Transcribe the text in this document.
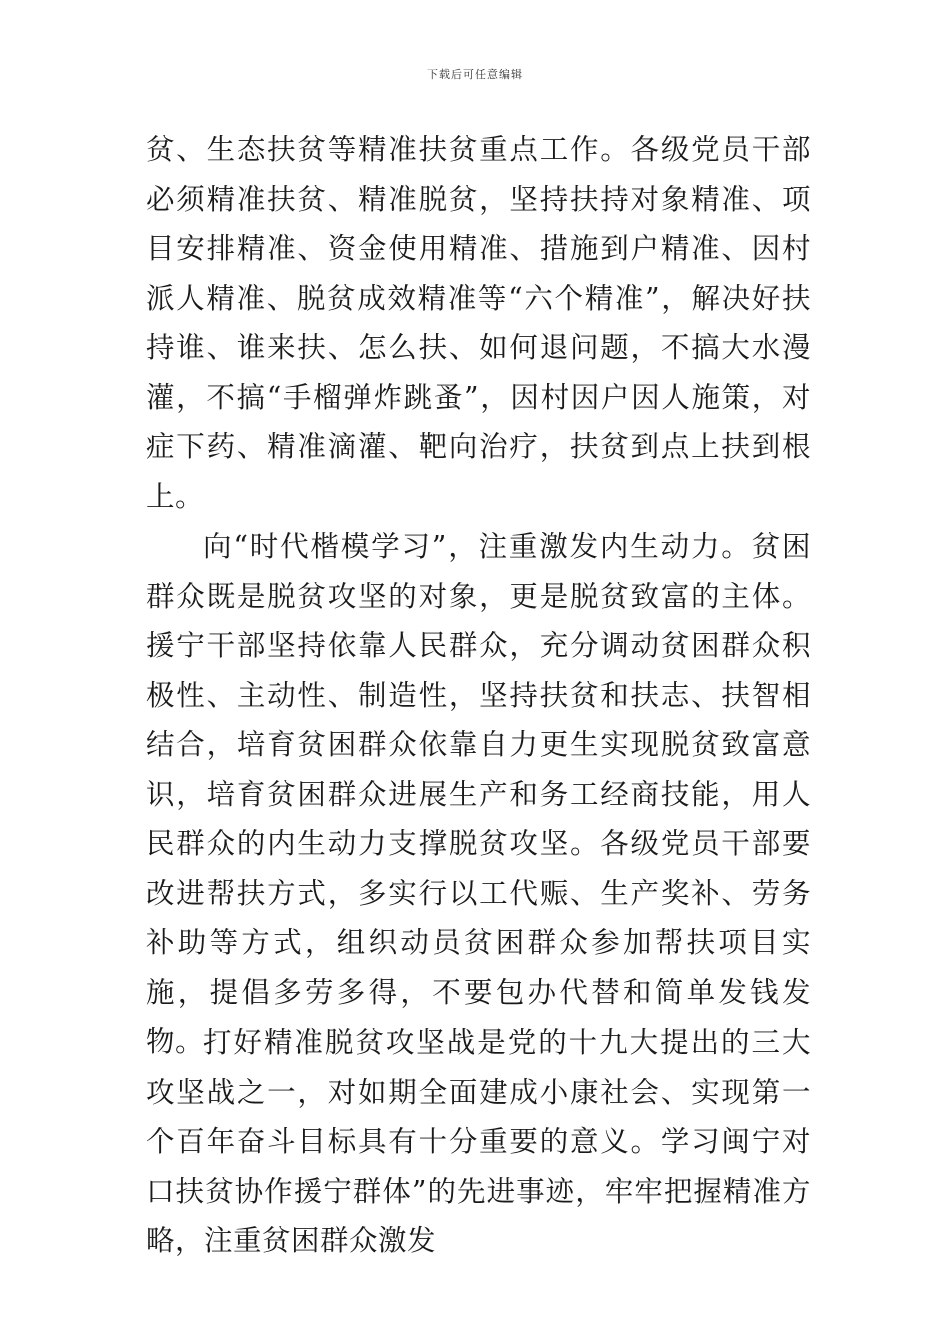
下载后可任意编辑

贫、生态扶贫等精准扶贫重点工作。各级党员干部必须精准扶贫、精准脱贫，坚持扶持对象精准、项目安排精准、资金使用精准、措施到户精准、因村派人精准、脱贫成效精准等“六个精准”，解决好扶持谁、谁来扶、怎么扶、如何退问题，不搞大水漫灌，不搞“手榴弹炸跳蚤”，因村因户因人施策，对症下药、精准滴灌、靶向治疗，扶贫到点上扶到根上。

向“时代楷模学习”，注重激发内生动力。贫困群众既是脱贫攻坚的对象，更是脱贫致富的主体。援宁干部坚持依靠人民群众，充分调动贫困群众积极性、主动性、制造性，坚持扶贫和扶志、扶智相结合，培育贫困群众依靠自力更生实现脱贫致富意识，培育贫困群众进展生产和务工经商技能，用人民群众的内生动力支撑脱贫攻坚。各级党员干部要改进帮扶方式，多实行以工代赈、生产奖补、劳务补助等方式，组织动员贫困群众参加帮扶项目实施，提倡多劳多得，不要包办代替和简单发钱发物。

打好精准脱贫攻坚战是党的十九大提出的三大攻坚战之一，对如期全面建成小康社会、实现第一个百年奋斗目标具有十分重要的意义。学习闽宁对口扶贫协作援宁群体”的先进事迹，牢牢把握精准方略，注重贫困群众激发
